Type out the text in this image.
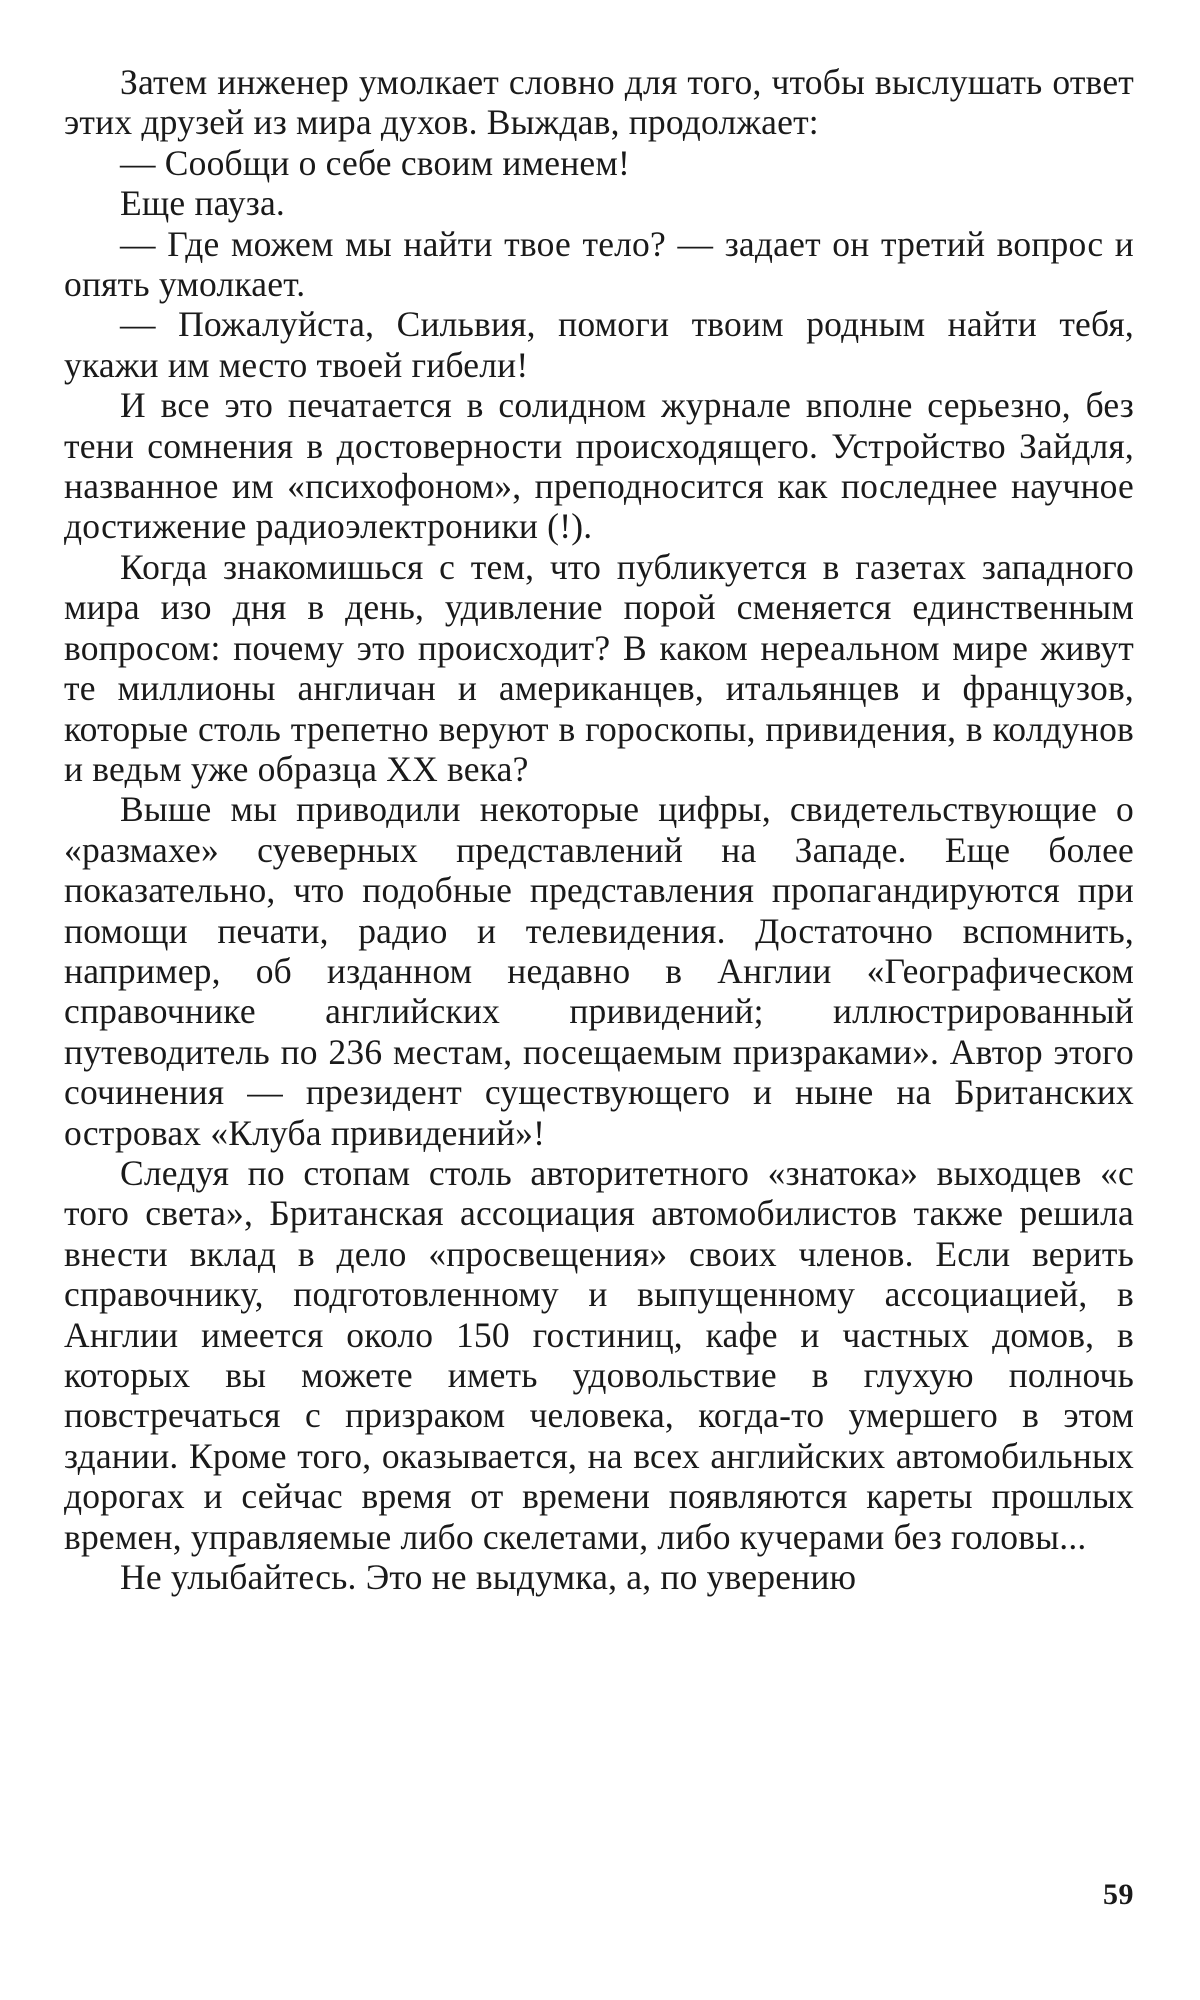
Затем инженер умолкает словно для того, чтобы выслушать ответ этих друзей из мира духов. Выждав, продолжает:

— Сообщи о себе своим именем!

Еще пауза.

— Где можем мы найти твое тело? — задает он третий вопрос и опять умолкает.

— Пожалуйста, Сильвия, помоги твоим родным найти тебя, укажи им место твоей гибели!

И все это печатается в солидном журнале вполне серьезно, без тени сомнения в достоверности происходящего. Устройство Зайдля, названное им «психофоном», преподносится как последнее научное достижение радиоэлектроники (!).

Когда знакомишься с тем, что публикуется в газетах западного мира изо дня в день, удивление порой сменяется единственным вопросом: почему это происходит? В каком нереальном мире живут те миллионы англичан и американцев, итальянцев и французов, которые столь трепетно веруют в гороскопы, привидения, в колдунов и ведьм уже образца XX века?

Выше мы приводили некоторые цифры, свидетельствующие о «размахе» суеверных представлений на Западе. Еще более показательно, что подобные представления пропагандируются при помощи печати, радио и телевидения. Достаточно вспомнить, например, об изданном недавно в Англии «Географическом справочнике английских привидений; иллюстрированный путеводитель по 236 местам, посещаемым призраками». Автор этого сочинения — президент существующего и ныне на Британских островах «Клуба привидений»!

Следуя по стопам столь авторитетного «знатока» выходцев «с того света», Британская ассоциация автомобилистов также решила внести вклад в дело «просвещения» своих членов. Если верить справочнику, подготовленному и выпущенному ассоциацией, в Англии имеется около 150 гостиниц, кафе и частных домов, в которых вы можете иметь удовольствие в глухую полночь повстречаться с призраком человека, когда-то умершего в этом здании. Кроме того, оказывается, на всех английских автомобильных дорогах и сейчас время от времени появляются кареты прошлых времен, управляемые либо скелетами, либо кучерами без головы...

Не улыбайтесь. Это не выдумка, а, по уверению

59
